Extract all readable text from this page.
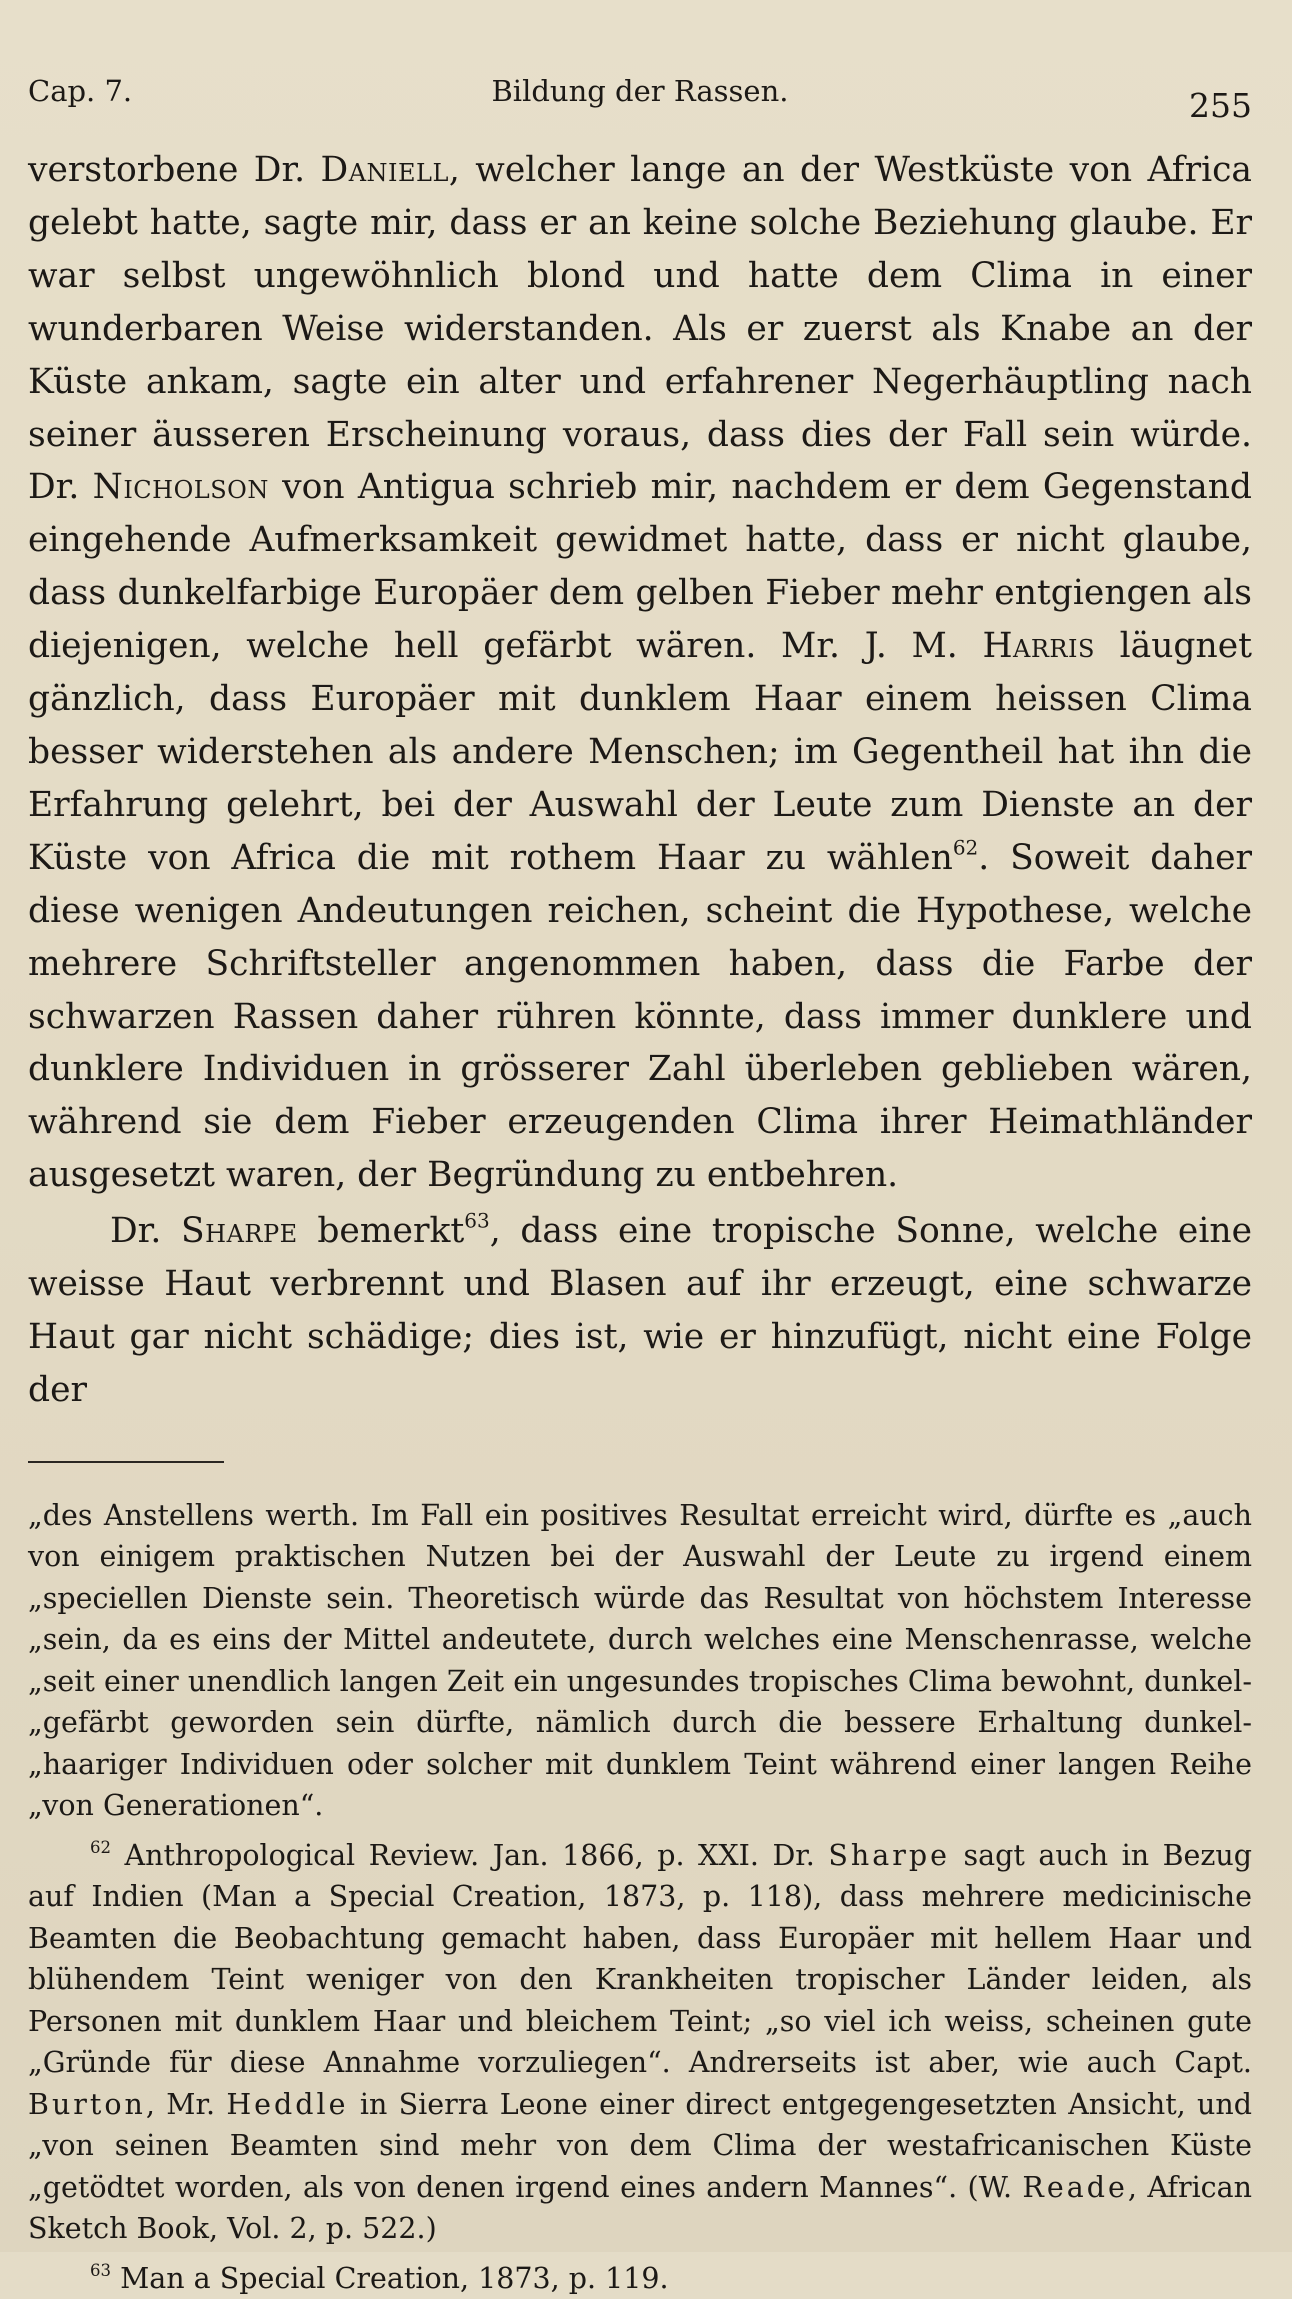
Cap. 7.	Bildung der Rassen.	255

verstorbene Dr. Daniell, welcher lange an der Westküste von Africa gelebt hatte, sagte mir, dass er an keine solche Beziehung glaube. Er war selbst ungewöhnlich blond und hatte dem Clima in einer wunderbaren Weise widerstanden. Als er zuerst als Knabe an der Küste ankam, sagte ein alter und erfahrener Negerhäuptling nach seiner äusseren Erscheinung voraus, dass dies der Fall sein würde. Dr. Nicholson von Antigua schrieb mir, nachdem er dem Gegenstand eingehende Aufmerksamkeit gewidmet hatte, dass er nicht glaube, dass dunkelfarbige Europäer dem gelben Fieber mehr entgiengen als diejenigen, welche hell gefärbt wären. Mr. J. M. Harris läugnet gänzlich, dass Europäer mit dunklem Haar einem heissen Clima besser widerstehen als andere Menschen; im Gegentheil hat ihn die Erfahrung gelehrt, bei der Auswahl der Leute zum Dienste an der Küste von Africa die mit rothem Haar zu wählen$^{62}$. Soweit daher diese wenigen Andeutungen reichen, scheint die Hypothese, welche mehrere Schriftsteller angenommen haben, dass die Farbe der schwarzen Rassen daher rühren könnte, dass immer dunklere und dunklere Individuen in grösserer Zahl überleben geblieben wären, während sie dem Fieber erzeugenden Clima ihrer Heimathländer ausgesetzt waren, der Begründung zu entbehren.

Dr. Sharpe bemerkt$^{63}$, dass eine tropische Sonne, welche eine weisse Haut verbrennt und Blasen auf ihr erzeugt, eine schwarze Haut gar nicht schädige; dies ist, wie er hinzufügt, nicht eine Folge der

„des Anstellens werth. Im Fall ein positives Resultat erreicht wird, dürfte es „auch von einigem praktischen Nutzen bei der Auswahl der Leute zu irgend einem „speciellen Dienste sein. Theoretisch würde das Resultat von höchstem Interesse „sein, da es eins der Mittel andeutete, durch welches eine Menschenrasse, welche „seit einer unendlich langen Zeit ein ungesundes tropisches Clima bewohnt, dunkel- „gefärbt geworden sein dürfte, nämlich durch die bessere Erhaltung dunkel- „haariger Individuen oder solcher mit dunklem Teint während einer langen Reihe „von Generationen“.

$^{62}$ Anthropological Review. Jan. 1866, p. XXI. Dr. Sharpe sagt auch in Bezug auf Indien (Man a Special Creation, 1873, p. 118), dass mehrere medicinische Beamten die Beobachtung gemacht haben, dass Europäer mit hellem Haar und blühendem Teint weniger von den Krankheiten tropischer Länder leiden, als Personen mit dunklem Haar und bleichem Teint; „so viel ich weiss, scheinen gute „Gründe für diese Annahme vorzuliegen“. Andrerseits ist aber, wie auch Capt. Burton, Mr. Heddle in Sierra Leone einer direct entgegengesetzten Ansicht, und „von seinen Beamten sind mehr von dem Clima der westafricanischen Küste „getödtet worden, als von denen irgend eines andern Mannes“. (W. Reade, African Sketch Book, Vol. 2, p. 522.)

$^{63}$ Man a Special Creation, 1873, p. 119.
